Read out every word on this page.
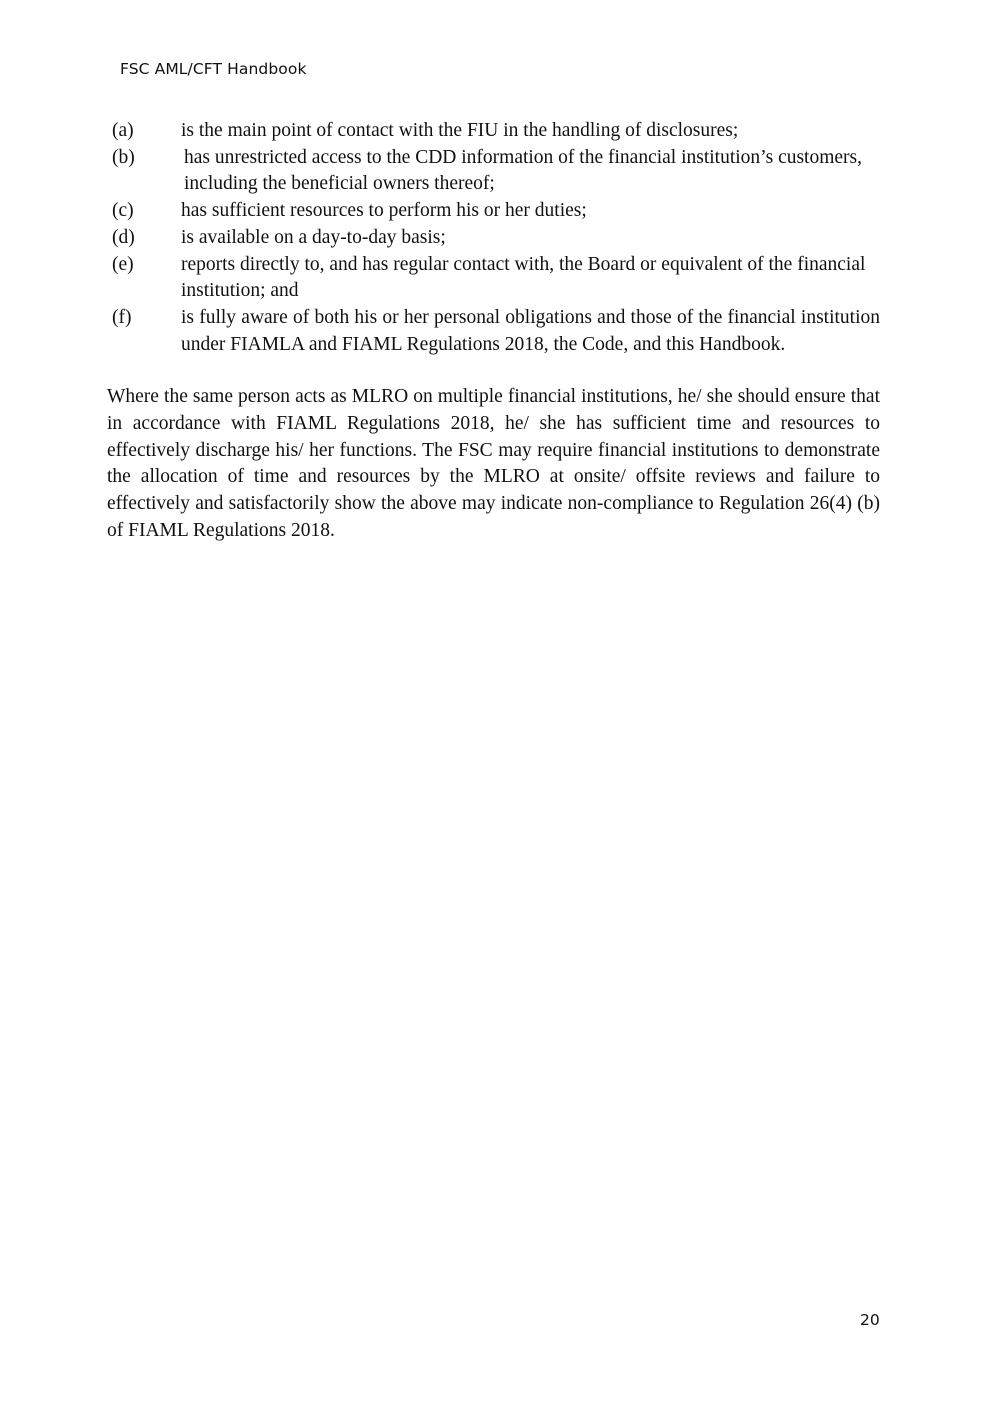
FSC AML/CFT Handbook
(a)	is the main point of contact with the FIU in the handling of disclosures;
(b)	has unrestricted access to the CDD information of the financial institution’s customers, including the beneficial owners thereof;
(c)	has sufficient resources to perform his or her duties;
(d)	is available on a day-to-day basis;
(e)	reports directly to, and has regular contact with, the Board or equivalent of the financial institution; and
(f)	is fully aware of both his or her personal obligations and those of the financial institution under FIAMLA and FIAML Regulations 2018, the Code, and this Handbook.

Where the same person acts as MLRO on multiple financial institutions, he/ she should ensure that in accordance with FIAML Regulations 2018, he/ she has sufficient time and resources to effectively discharge his/ her functions. The FSC may require financial institutions to demonstrate the allocation of time and resources by the MLRO at onsite/ offsite reviews and failure to effectively and satisfactorily show the above may indicate non-compliance to Regulation 26(4) (b) of FIAML Regulations 2018.

20
